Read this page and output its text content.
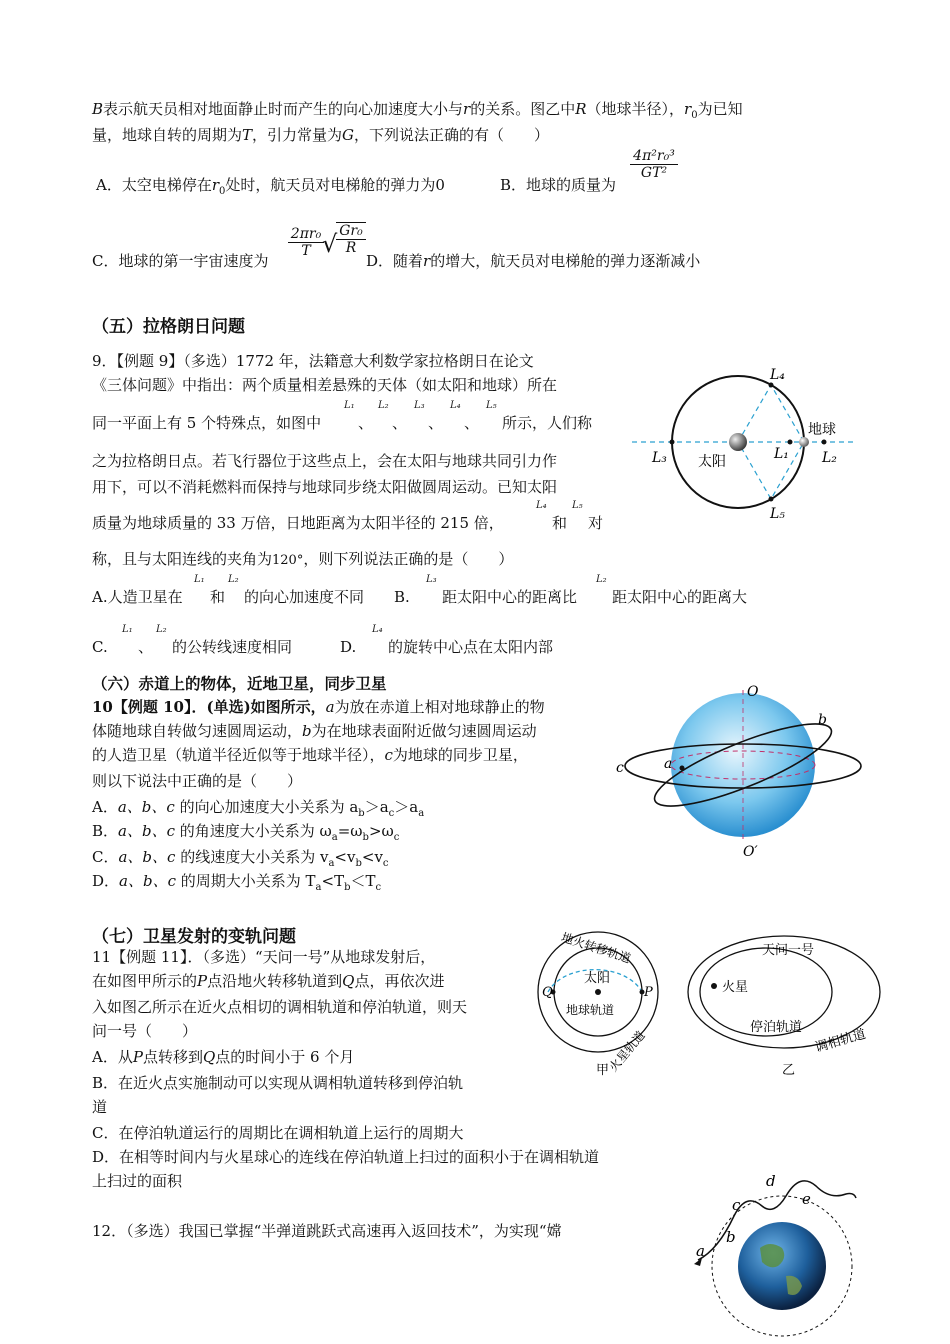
B表示航天员相对地面静止时而产生的向心加速度大小与r的关系。图乙中R（地球半径），$r_0$为已知
量，地球自转的周期为T，引力常量为G，下列说法正确的有（　　）
A．太空电梯停在$r_0$处时，航天员对电梯舱的弹力为0	B．地球的质量为
$\frac{\text{4π²r₀³}}{\text{GT²}}$
C．地球的第一宇宙速度为
$\frac{\text{2πr₀}}{T}$
√ Gr₀
R
D．随着r的增大，航天员对电梯舱的弹力逐渐减小
（五）拉格朗日问题
9．【例题 9】（多选）1772 年，法籍意大利数学家拉格朗日在论文
《三体问题》中指出：两个质量相差悬殊的天体（如太阳和地球）所在
同一平面上有 5 个特殊点，如图中
L₁
、
L₂
、
L₃
、
L₄
、
L₅
所示，人们称
之为拉格朗日点。若飞行器位于这些点上，会在太阳与地球共同引力作
用下，可以不消耗燃料而保持与地球同步绕太阳做圆周运动。已知太阳
质量为地球质量的 33 万倍，日地距离为太阳半径的 215 倍，
L₄
和
L₅
对
称，且与太阳连线的夹角为120°，则下列说法正确的是（　　）
A.人造卫星在
L₁
和
L₂
的向心加速度不同 B.
L₃
距太阳中心的距离比
L₂
距太阳中心的距离大
C.
L₁
、
L₂
的公转线速度相同	D.
L₄
的旋转中心点在太阳内部
太阳
地球
L₄
L₅
L₃	L₁ L₂
（六）赤道上的物体，近地卫星，同步卫星
10【例题 10】．(单选)如图所示，a为放在赤道上相对地球静止的物
体随地球自转做匀速圆周运动，b为在地球表面附近做匀速圆周运动
的人造卫星（轨道半径近似等于地球半径），c为地球的同步卫星，
则以下说法中正确的是（　　）
A．a、b、c 的向心加速度大小关系为 $a_b>a_c>a_a$
B．a、b、c 的角速度大小关系为 $\omega_a=\omega_b>\omega_c$
C．a、b、c 的线速度大小关系为 $v_a<v_b<v_c$
D．a、b、c 的周期大小关系为 $T_a<T_b<T_c$
O
O′
a
b
c
（七）卫星发射的变轨问题
11【例题 11】．（多选）“天问一号”从地球发射后，
在如图甲所示的P点沿地火转移轨道到Q点，再依次进
入如图乙所示在近火点相切的调相轨道和停泊轨道，则天
问一号（　　）
A．从P点转移到Q点的时间小于 6 个月
B．在近火点实施制动可以实现从调相轨道转移到停泊轨
道
C．在停泊轨道运行的周期比在调相轨道上运行的周期大
D．在相等时间内与火星球心的连线在停泊轨道上扫过的面积小于在调相轨道
上扫过的面积
太阳
地火转移轨道
地球轨道
火星轨道
P
Q
甲
火星
天问一号
停泊轨道 调相轨道
乙
12．（多选）我国已掌握“半弹道跳跃式高速再入返回技术”，为实现“嫦
a
b
c
d
e
